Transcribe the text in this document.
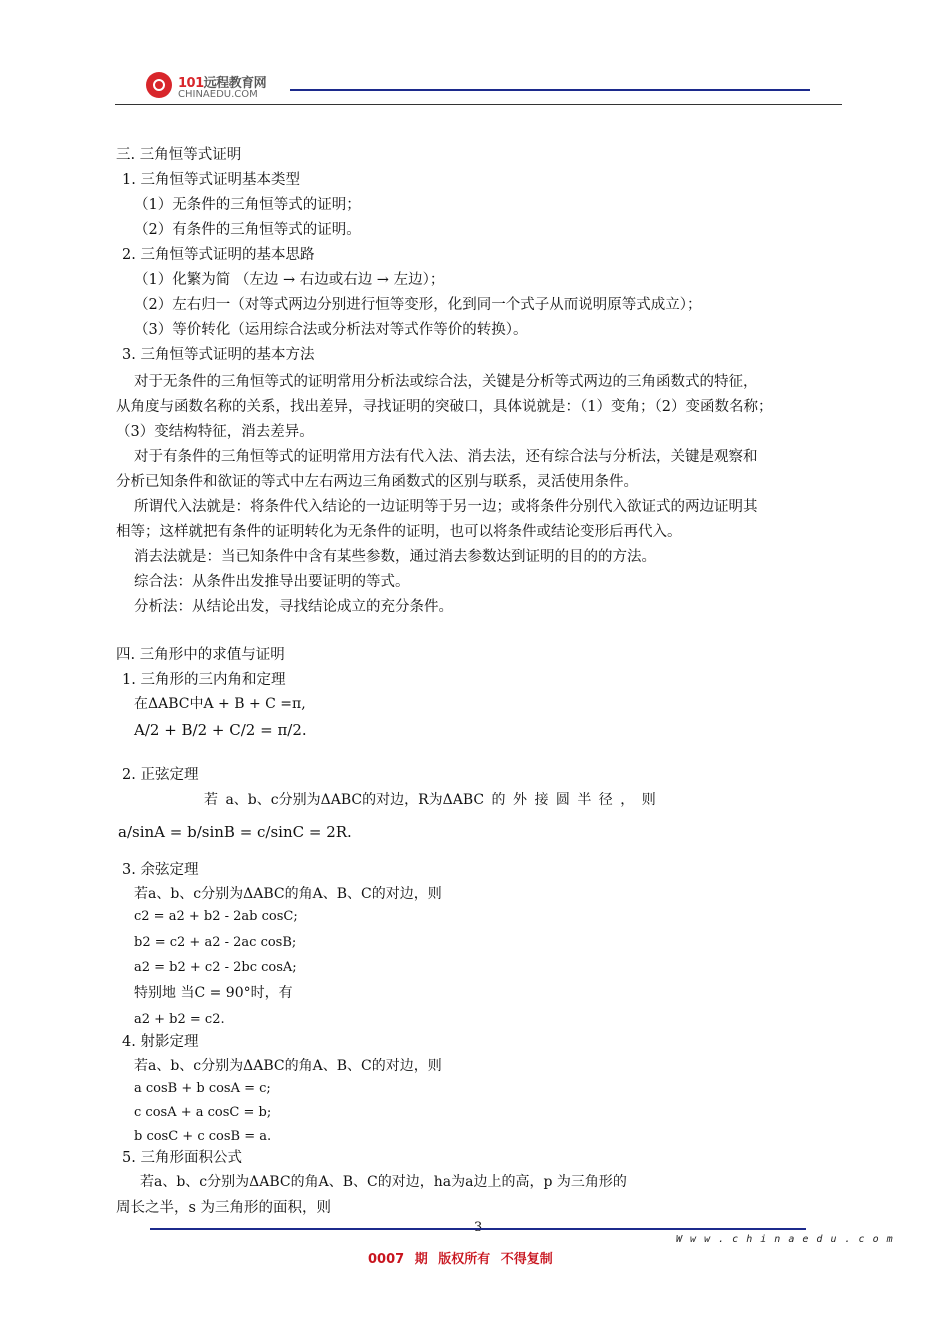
101远程教育网
CHINAEDU.COM
三. 三角恒等式证明
1. 三角恒等式证明基本类型
（1）无条件的三角恒等式的证明；
（2）有条件的三角恒等式的证明。
2. 三角恒等式证明的基本思路
（1）化繁为简 （左边 → 右边或右边 → 左边）；
（2）左右归一（对等式两边分别进行恒等变形，化到同一个式子从而说明原等式成立）；
（3）等价转化（运用综合法或分析法对等式作等价的转换）。
3. 三角恒等式证明的基本方法
对于无条件的三角恒等式的证明常用分析法或综合法，关键是分析等式两边的三角函数式的特征，
从角度与函数名称的关系，找出差异，寻找证明的突破口，具体说就是：（1）变角；（2）变函数名称；
（3）变结构特征，消去差异。
对于有条件的三角恒等式的证明常用方法有代入法、消去法，还有综合法与分析法，关键是观察和
分析已知条件和欲证的等式中左右两边三角函数式的区别与联系，灵活使用条件。
所谓代入法就是：将条件代入结论的一边证明等于另一边；或将条件分别代入欲证式的两边证明其
相等；这样就把有条件的证明转化为无条件的证明，也可以将条件或结论变形后再代入。
消去法就是：当已知条件中含有某些参数，通过消去参数达到证明的目的的方法。
综合法：从条件出发推导出要证明的等式。
分析法：从结论出发，寻找结论成立的充分条件。
四. 三角形中的求值与证明
1. 三角形的三内角和定理
在ΔABC中A + B + C =π,
A/2 + B/2 + C/2 = π/2.
2. 正弦定理
若 a、b、c分别为ΔABC的对边，R为ΔABC 的 外 接 圆 半 径 ， 则
a/sinA = b/sinB = c/sinC = 2R.
3. 余弦定理
若a、b、c分别为ΔABC的角A、B、C的对边，则
c2 = a2 + b2 - 2ab cosC;
b2 = c2 + a2 - 2ac cosB;
a2 = b2 + c2 - 2bc cosA;
特别地 当C = 90°时，有
a2 + b2 = c2.
4. 射影定理
若a、b、c分别为ΔABC的角A、B、C的对边，则
a cosB + b cosA = c;
c cosA + a cosC = b;
b cosC + c cosB = a.
5. 三角形面积公式
若a、b、c分别为ΔABC的角A、B、C的对边，ha为a边上的高，p 为三角形的
周长之半，s 为三角形的面积，则
W w w . c h i n a e d u . c o m
0007 期 版权所有 不得复制
